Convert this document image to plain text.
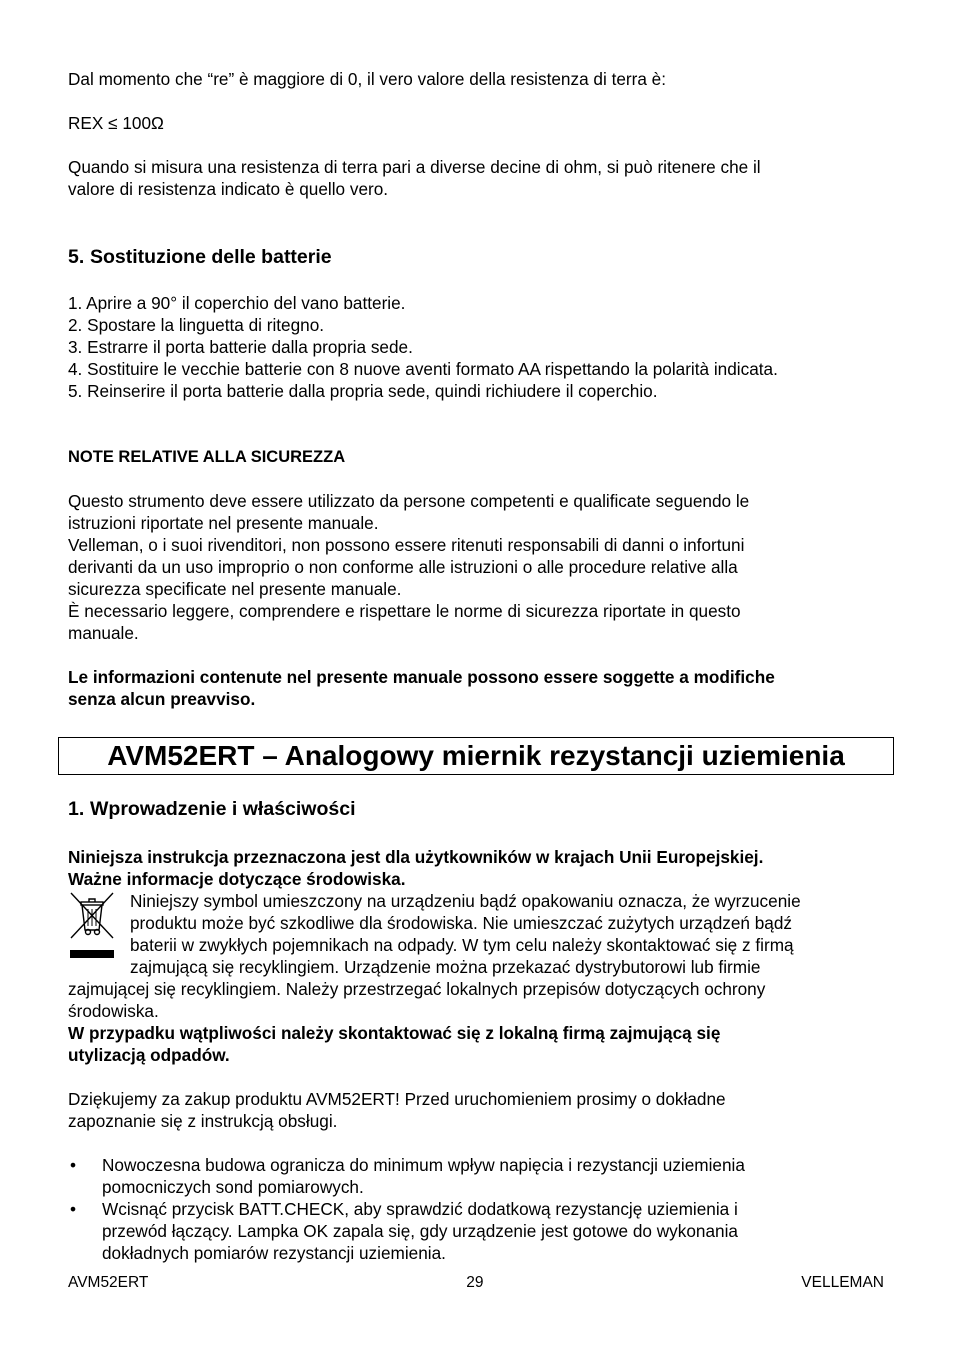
Dal momento che “re” è maggiore di 0, il vero valore della resistenza di terra è:

REX ≤ 100Ω

Quando si misura una resistenza di terra pari a diverse decine di ohm, si può ritenere che il

valore di resistenza indicato è quello vero.

5. Sostituzione delle batterie
1. Aprire a 90° il coperchio del vano batterie.
2. Spostare la linguetta di ritegno.
3. Estrarre il porta batterie dalla propria sede.
4. Sostituire le vecchie batterie con 8 nuove aventi formato AA rispettando la polarità indicata.
5. Reinserire il porta batterie dalla propria sede, quindi richiudere il coperchio.

NOTE RELATIVE ALLA SICUREZZA

Questo strumento deve essere utilizzato da persone competenti e qualificate seguendo le

istruzioni riportate nel presente manuale.

Velleman, o i suoi rivenditori, non possono essere ritenuti responsabili di danni o infortuni

derivanti da un uso improprio o non conforme alle istruzioni o alle procedure relative alla

sicurezza specificate nel presente manuale.

È necessario leggere, comprendere e rispettare le norme di sicurezza riportate in questo

manuale.

Le informazioni contenute nel presente manuale possono essere soggette a modifiche

senza alcun preavviso.

AVM52ERT – Analogowy miernik rezystancji uziemienia
1. Wprowadzenie i właściwości

Niniejsza instrukcja przeznaczona jest dla użytkowników w krajach Unii Europejskiej.

Ważne informacje dotyczące środowiska.

Niniejszy symbol umieszczony na urządzeniu bądź opakowaniu oznacza, że wyrzucenie

produktu może być szkodliwe dla środowiska. Nie umieszczać zużytych urządzeń bądź

baterii w zwykłych pojemnikach na odpady. W tym celu należy skontaktować się z firmą

zajmującą się recyklingiem. Urządzenie można przekazać dystrybutorowi lub firmie

zajmującej się recyklingiem. Należy przestrzegać lokalnych przepisów dotyczących ochrony

środowiska.

W przypadku wątpliwości należy skontaktować się z lokalną firmą zajmującą się

utylizacją odpadów.

Dziękujemy za zakup produktu AVM52ERT! Przed uruchomieniem prosimy o dokładne

zapoznanie się z instrukcją obsługi.

• Nowoczesna budowa ogranicza do minimum wpływ napięcia i rezystancji uziemienia

pomocniczych sond pomiarowych.

• Wcisnąć przycisk BATT.CHECK, aby sprawdzić dodatkową rezystancję uziemienia i

przewód łączący. Lampka OK zapala się, gdy urządzenie jest gotowe do wykonania

dokładnych pomiarów rezystancji uziemienia.

AVM52ERT	29	VELLEMAN
